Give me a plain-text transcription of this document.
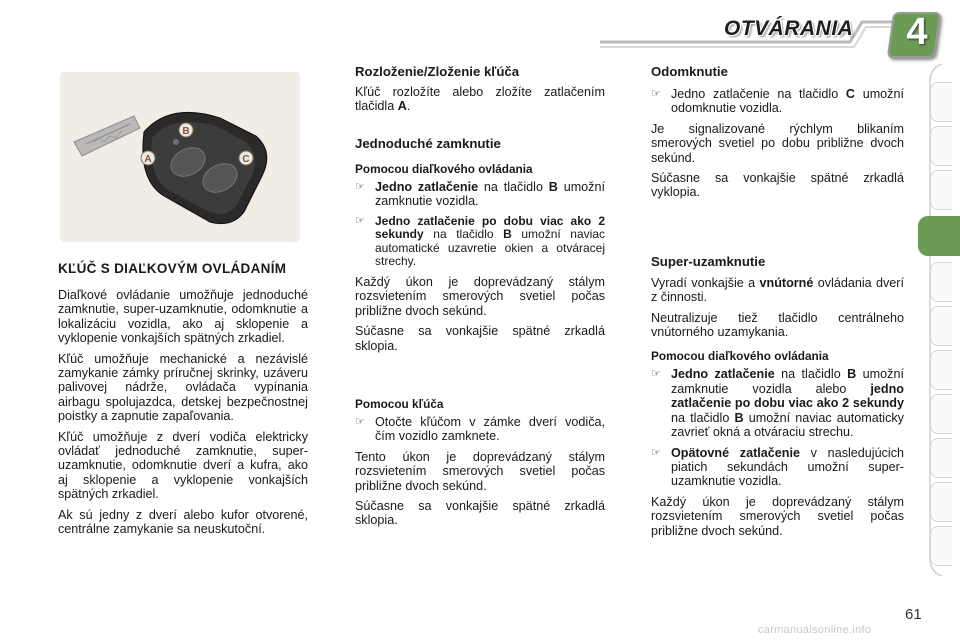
OTVÁRANIA 4
B
A	C
KĽÚČ S DIAĽKOVÝM OVLÁDANÍM

Diaľkové ovládanie umožňuje jednoduché zamknutie, super-uzamknutie, odomknutie a lokalizáciu vozidla, ako aj sklopenie a vyklopenie vonkajších spätných zrkadiel.

Kľúč umožňuje mechanické a nezávislé zamykanie zámky príručnej skrinky, uzáveru palivovej nádrže, ovládača vypínania airbagu spolujazdca, detskej bezpečnostnej poistky a zapnutie zapaľovania.

Kľúč umožňuje z dverí vodiča elektricky ovládať jednoduché zamknutie, super-uzamknutie, odomknutie dverí a kufra, ako aj sklopenie a vyklopenie vonkajších spätných zrkadiel.

Ak sú jedny z dverí alebo kufor otvorené, centrálne zamykanie sa neuskutoční.

Rozloženie/Zloženie kľúča

Kľúč rozložíte alebo zložíte zatlačením tlačidla A.

Jednoduché zamknutie
Pomocou diaľkového ovládania
☞ Jedno zatlačenie na tlačidlo B umožní zamknutie vozidla.
☞ Jedno zatlačenie po dobu viac ako 2 sekundy na tlačidlo B umožní naviac automatické uzavretie okien a otváracej strechy.

Každý úkon je doprevádzaný stálym rozsvietením smerových svetiel počas približne dvoch sekúnd.

Súčasne sa vonkajšie spätné zrkadlá sklopia.

Pomocou kľúča
☞ Otočte kľúčom v zámke dverí vodiča, čím vozidlo zamknete.

Tento úkon je doprevádzaný stálym rozsvietením smerových svetiel počas približne dvoch sekúnd.

Súčasne sa vonkajšie spätné zrkadlá sklopia.

Odomknutie
☞ Jedno zatlačenie na tlačidlo C umožní odomknutie vozidla.

Je signalizované rýchlym blikaním smerových svetiel po dobu približne dvoch sekúnd.

Súčasne sa vonkajšie spätné zrkadlá vyklopia.

Super-uzamknutie

Vyradí vonkajšie a vnútorné ovládania dverí z činnosti.

Neutralizuje tiež tlačidlo centrálneho vnútorného uzamykania.

Pomocou diaľkového ovládania
☞ Jedno zatlačenie na tlačidlo B umožní zamknutie vozidla alebo jedno zatlačenie po dobu viac ako 2 sekundy na tlačidlo B umožní naviac automaticky zavrieť okná a otváraciu strechu.
☞ Opätovné zatlačenie v nasledujúcich piatich sekundách umožní super-uzamknutie vozidla.

Každý úkon je doprevádzaný stálym rozsvietením smerových svetiel počas približne dvoch sekúnd.

61
carmanualsonline.info
